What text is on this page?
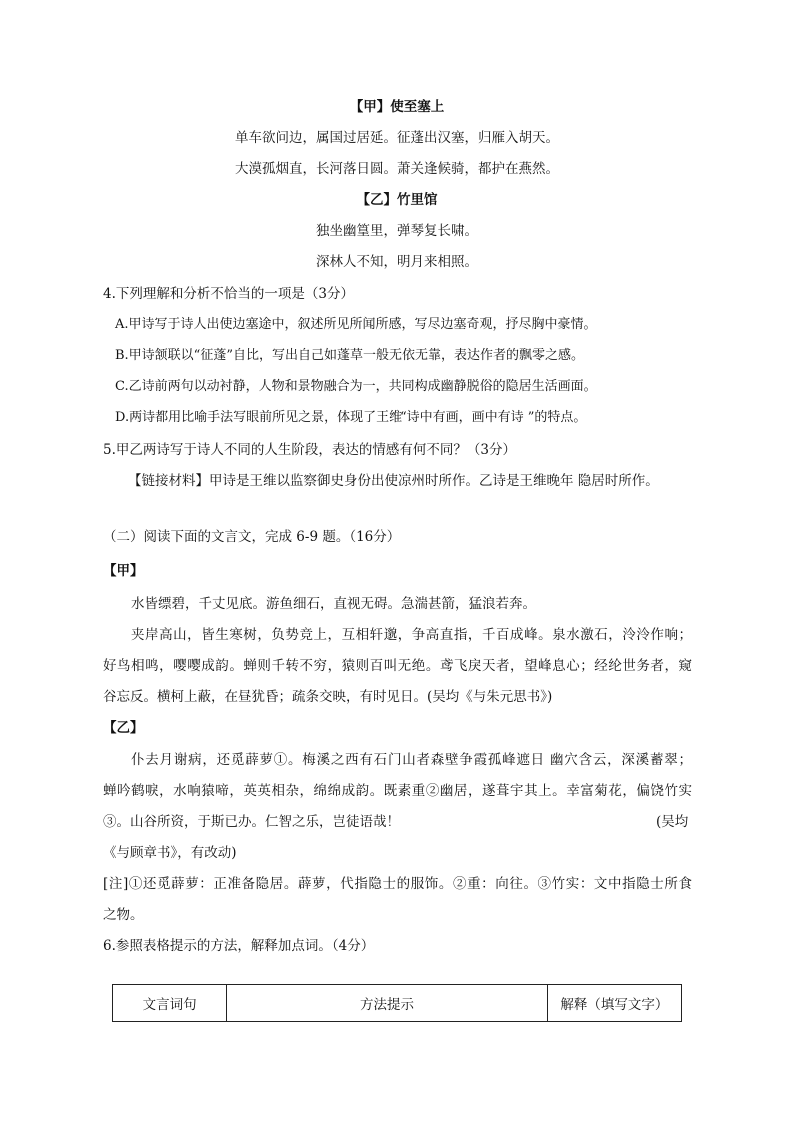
【甲】使至塞上
单车欲问边，属国过居延。征蓬出汉塞，归雁入胡天。
大漠孤烟直，长河落日圆。萧关逢候骑，都护在燕然。
【乙】竹里馆
独坐幽篁里，弹琴复长啸。
深林人不知，明月来相照。
4.下列理解和分析不恰当的一项是（3分）
A.甲诗写于诗人出使边塞途中，叙述所见所闻所感，写尽边塞奇观，抒尽胸中豪情。
B.甲诗颔联以“征蓬”自比，写出自己如蓬草一般无依无靠，表达作者的飘零之感。
C.乙诗前两句以动衬静，人物和景物融合为一，共同构成幽静脱俗的隐居生活画面。
D.两诗都用比喻手法写眼前所见之景，体现了王维
“诗中有画，画中有诗 ”的特点。
5.甲乙两诗写于诗人不同的人生阶段，表达的情感有何不同？（3分）
【链接材料】甲诗是王维以监察御史身份出使凉州时所作。乙诗是王维晚年 隐居时所作。
（二）阅读下面的文言文，完成 6-9 题。（16分）
【甲】
水皆缥碧，千丈见底。游鱼细石，直视无碍。急湍甚箭，猛浪若奔。
夹岸高山，皆生寒树，负势竞上，互相轩邈，争高直指，千百成峰。泉水激石，泠泠作响；
好鸟相鸣，嘤嘤成韵。蝉则千转不穷，猿则百叫无绝。鸢飞戾天者，望峰息心；经纶世务者，窥
谷忘反。横柯上蔽，在昼犹昏；疏条交映，有时见日。(吴均《与朱元思书》)
【乙】
仆去月谢病，还觅薜萝①。梅溪之西有石门山者森壁争霞孤峰遮日 幽穴含云，深溪蓄翠；
蝉吟鹤唳，水响猿啼，英英相杂，绵绵成韵。既素重②幽居，遂葺宇其上。幸富菊花，偏饶竹实
③。山谷所资，于斯已办。仁智之乐，岂徒语哉！	(吴均
《与顾章书》，有改动)
[注]①还觅薜萝：正准备隐居。薜萝，代指隐士的服饰。②重：向往。③竹实：文中指隐士所食
之物。
6.参照表格提示的方法，解释加点词。（4分）
文言词句	方法提示	解释（填写文字）
